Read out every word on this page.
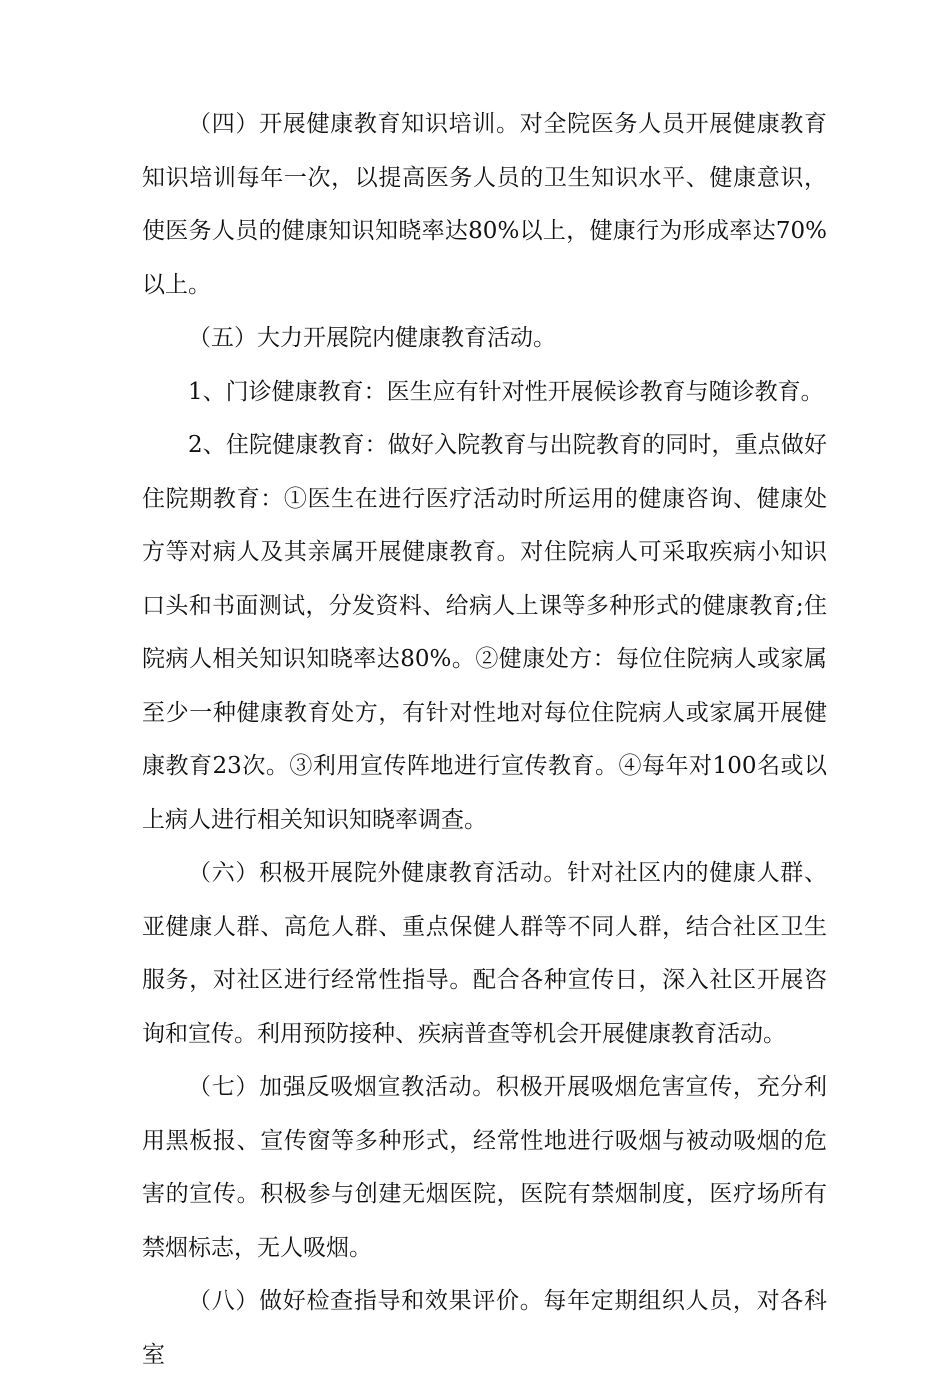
（四）开展健康教育知识培训。对全院医务人员开展健康教育知识培训每年一次，以提高医务人员的卫生知识水平、健康意识，使医务人员的健康知识知晓率达80%以上，健康行为形成率达70%以上。

（五）大力开展院内健康教育活动。

1、门诊健康教育：医生应有针对性开展候诊教育与随诊教育。

2、住院健康教育：做好入院教育与出院教育的同时，重点做好住院期教育：①医生在进行医疗活动时所运用的健康咨询、健康处方等对病人及其亲属开展健康教育。对住院病人可采取疾病小知识口头和书面测试，分发资料、给病人上课等多种形式的健康教育;住院病人相关知识知晓率达80%。②健康处方：每位住院病人或家属至少一种健康教育处方，有针对性地对每位住院病人或家属开展健康教育23次。③利用宣传阵地进行宣传教育。④每年对100名或以上病人进行相关知识知晓率调查。

（六）积极开展院外健康教育活动。针对社区内的健康人群、亚健康人群、高危人群、重点保健人群等不同人群，结合社区卫生服务，对社区进行经常性指导。配合各种宣传日，深入社区开展咨询和宣传。利用预防接种、疾病普查等机会开展健康教育活动。

（七）加强反吸烟宣教活动。积极开展吸烟危害宣传，充分利用黑板报、宣传窗等多种形式，经常性地进行吸烟与被动吸烟的危害的宣传。积极参与创建无烟医院，医院有禁烟制度，医疗场所有禁烟标志，无人吸烟。

（八）做好检查指导和效果评价。每年定期组织人员，对各科室
